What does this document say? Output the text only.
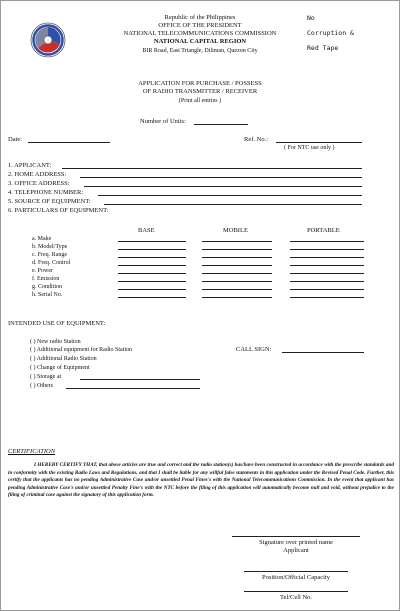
Republic of the Philippines
OFFICE OF THE PRESIDENT
NATIONAL TELECOMMUNICATIONS COMMISSION
NATIONAL CAPITAL REGION
BIR Road, East Triangle, Diliman, Quezon City
No
Corruption &
Red Tape
APPLICATION FOR PURCHASE / POSSESS
OF RADIO TRANSMITTER / RECEIVER
(Print all entries )
Number of Units:
Date:	Ref. No.:
( For NTC use only )
1. APPLICANT:
2. HOME ADDRESS:
3. OFFICE ADDRESS:
4. TELEPHONE NUMBER:
5. SOURCE OF EQUIPMENT:
6. PARTICULARS OF EQUIPMENT:
BASE	MOBILE	PORTABLE
a. Make
b. Model/Type
c. Freq. Range
d. Freq. Control
e. Power
f. Emission
g. Condition
h. Serial No.
INTENDED USE OF EQUIPMENT:
( ) New radio Station
( ) Additional equipment for Radio Station
( ) Additional Radio Station
( ) Change of Equipment
( ) Storage at
( ) Others
CALL SIGN:
CERTIFICATION
I HEREBY CERTIFY THAT, that above articles are true and correct and the radio station(s) has/have been constructed in accordance with the prescribe standards and in conformity with the existing Radio Laws and Regulations, and that I shall be liable for any willful false statements in this application under the Revised Penal Code. Further, this certify that the applicants has no pending Administrative Case and/or unsettled Penal Fines's with the National Telecommunications Commission. In the event that applicant has pending Administrative Case's and/or unsettled Penalty Fine's with the NTC before the filing of this application will automatically become null and void, without prejudice to the filing of criminal case against the signatory of this application form.
Signature over printed name
Applicant
Position/Official Capacity
Tel/Cell No.
